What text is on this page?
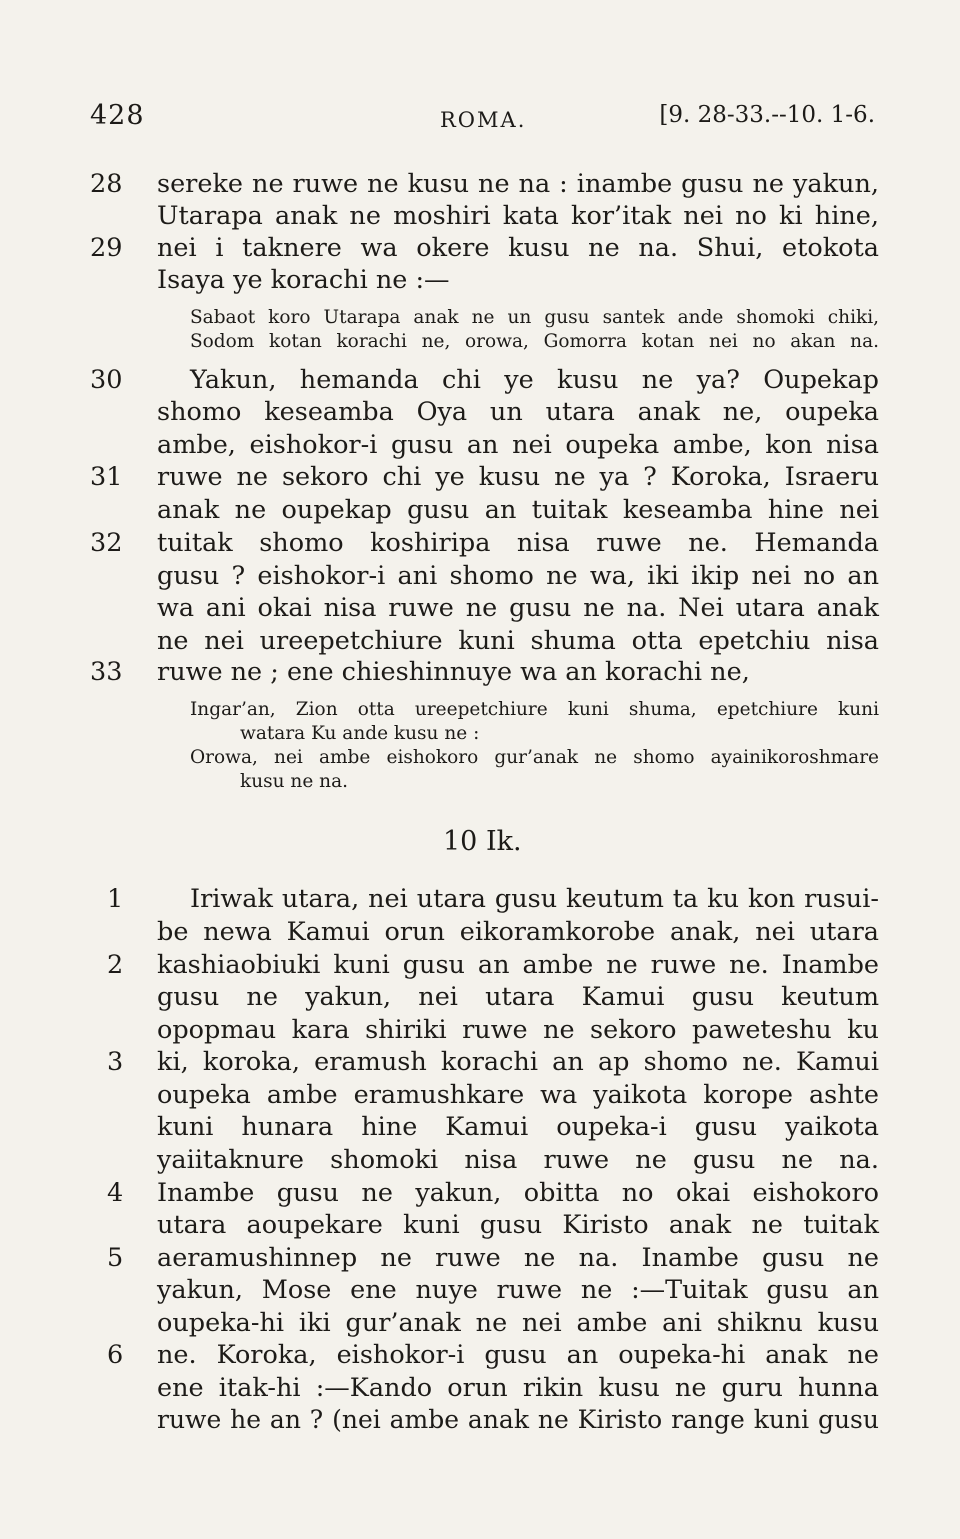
428	ROMA.	[9. 28-33.--10. 1-6.
28 sereke ne ruwe ne kusu ne na : inambe gusu ne yakun,
Utarapa anak ne moshiri kata kor’itak nei no ki hine,
29 nei i taknere wa okere kusu ne na. Shui, etokota
Isaya ye korachi ne :—
Sabaot koro Utarapa anak ne un gusu santek ande shomoki chiki,
Sodom kotan korachi ne, orowa, Gomorra kotan nei no akan na.
30	Yakun, hemanda chi ye kusu ne ya? Oupekap
shomo keseamba Oya un utara anak ne, oupeka
ambe, eishokor-i gusu an nei oupeka ambe, kon nisa
31 ruwe ne sekoro chi ye kusu ne ya ? Koroka, Israeru
anak ne oupekap gusu an tuitak keseamba hine nei
32 tuitak shomo koshiripa nisa ruwe ne. Hemanda
gusu ? eishokor-i ani shomo ne wa, iki ikip nei no an
wa ani okai nisa ruwe ne gusu ne na. Nei utara anak
ne nei ureepetchiure kuni shuma otta epetchiu nisa
33 ruwe ne ; ene chieshinnuye wa an korachi ne,
Ingar’an, Zion otta ureepetchiure kuni shuma, epetchiure kuni
watara Ku ande kusu ne :
Orowa, nei ambe eishokoro gur’anak ne shomo ayainikoroshmare
kusu ne na.
10 Ik.
1	Iriwak utara, nei utara gusu keutum ta ku kon rusui-
be newa Kamui orun eikoramkorobe anak, nei utara
2 kashiaobiuki kuni gusu an ambe ne ruwe ne. Inambe
gusu ne yakun, nei utara Kamui gusu keutum
opopmau kara shiriki ruwe ne sekoro paweteshu ku
3 ki, koroka, eramush korachi an ap shomo ne. Kamui
oupeka ambe eramushkare wa yaikota korope ashte
kuni hunara hine Kamui oupeka-i gusu yaikota
yaiitaknure shomoki nisa ruwe ne gusu ne na.
4 Inambe gusu ne yakun, obitta no okai eishokoro
utara aoupekare kuni gusu Kiristo anak ne tuitak
5 aeramushinnep ne ruwe ne na. Inambe gusu ne
yakun, Mose ene nuye ruwe ne :—Tuitak gusu an
oupeka-hi iki gur’anak ne nei ambe ani shiknu kusu
6 ne. Koroka, eishokor-i gusu an oupeka-hi anak ne
ene itak-hi :—Kando orun rikin kusu ne guru hunna
ruwe he an ? (nei ambe anak ne Kiristo range kuni gusu
